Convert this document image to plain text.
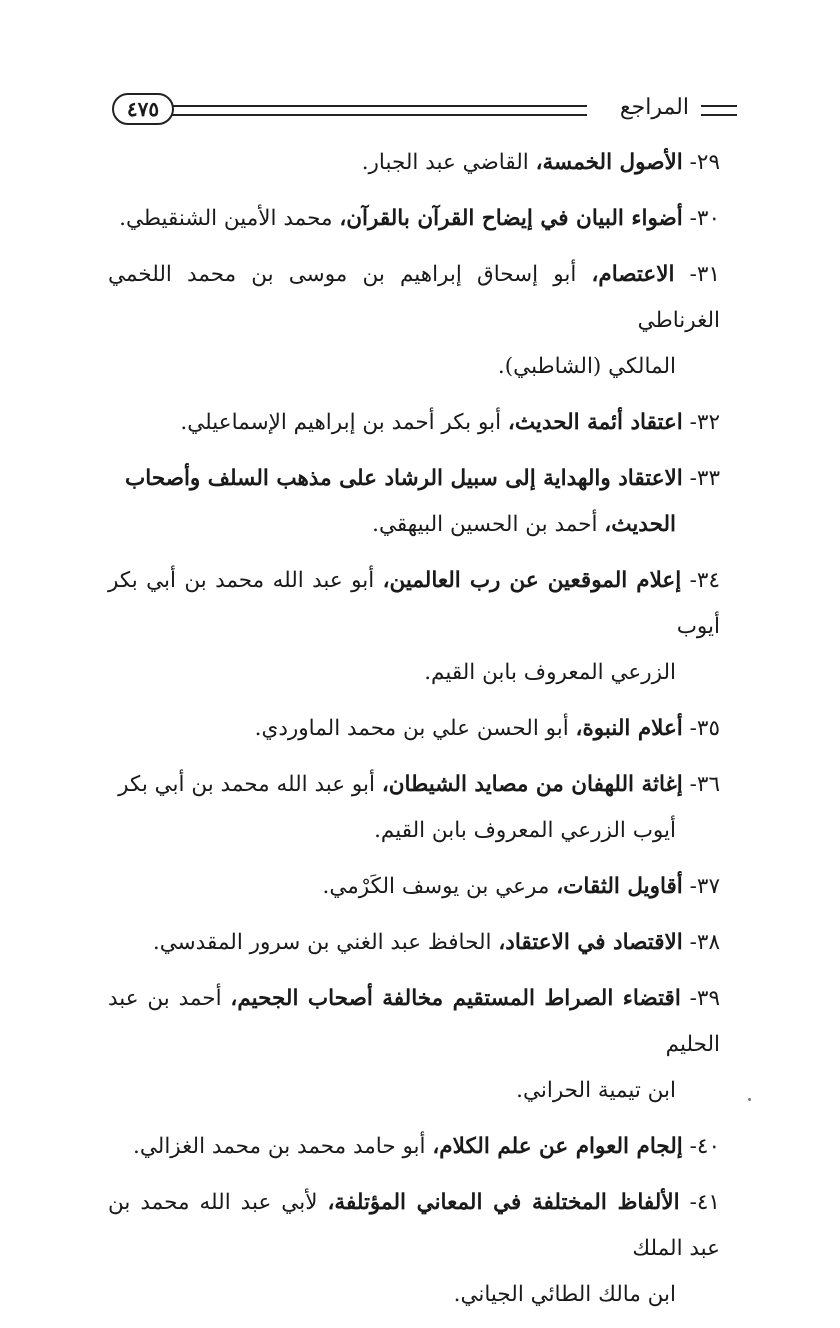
المراجع
٤٧٥
٢٩- الأصول الخمسة، القاضي عبد الجبار.
٣٠- أضواء البيان في إيضاح القرآن بالقرآن، محمد الأمين الشنقيطي.
٣١- الاعتصام، أبو إسحاق إبراهيم بن موسى بن محمد اللخمي الغرناطي
المالكي (الشاطبي).
٣٢- اعتقاد أئمة الحديث، أبو بكر أحمد بن إبراهيم الإسماعيلي.
٣٣- الاعتقاد والهداية إلى سبيل الرشاد على مذهب السلف وأصحاب
الحديث، أحمد بن الحسين البيهقي.
٣٤- إعلام الموقعين عن رب العالمين، أبو عبد الله محمد بن أبي بكر أيوب
الزرعي المعروف بابن القيم.
٣٥- أعلام النبوة، أبو الحسن علي بن محمد الماوردي.
٣٦- إغاثة اللهفان من مصايد الشيطان، أبو عبد الله محمد بن أبي بكر
أيوب الزرعي المعروف بابن القيم.
٣٧- أقاويل الثقات، مرعي بن يوسف الكَرْمي.
٣٨- الاقتصاد في الاعتقاد، الحافظ عبد الغني بن سرور المقدسي.
٣٩- اقتضاء الصراط المستقيم مخالفة أصحاب الجحيم، أحمد بن عبد الحليم
ابن تيمية الحراني.
٤٠- إلجام العوام عن علم الكلام، أبو حامد محمد بن محمد الغزالي.
٤١- الألفاظ المختلفة في المعاني المؤتلفة، لأبي عبد الله محمد بن عبد الملك
ابن مالك الطائي الجياني.
